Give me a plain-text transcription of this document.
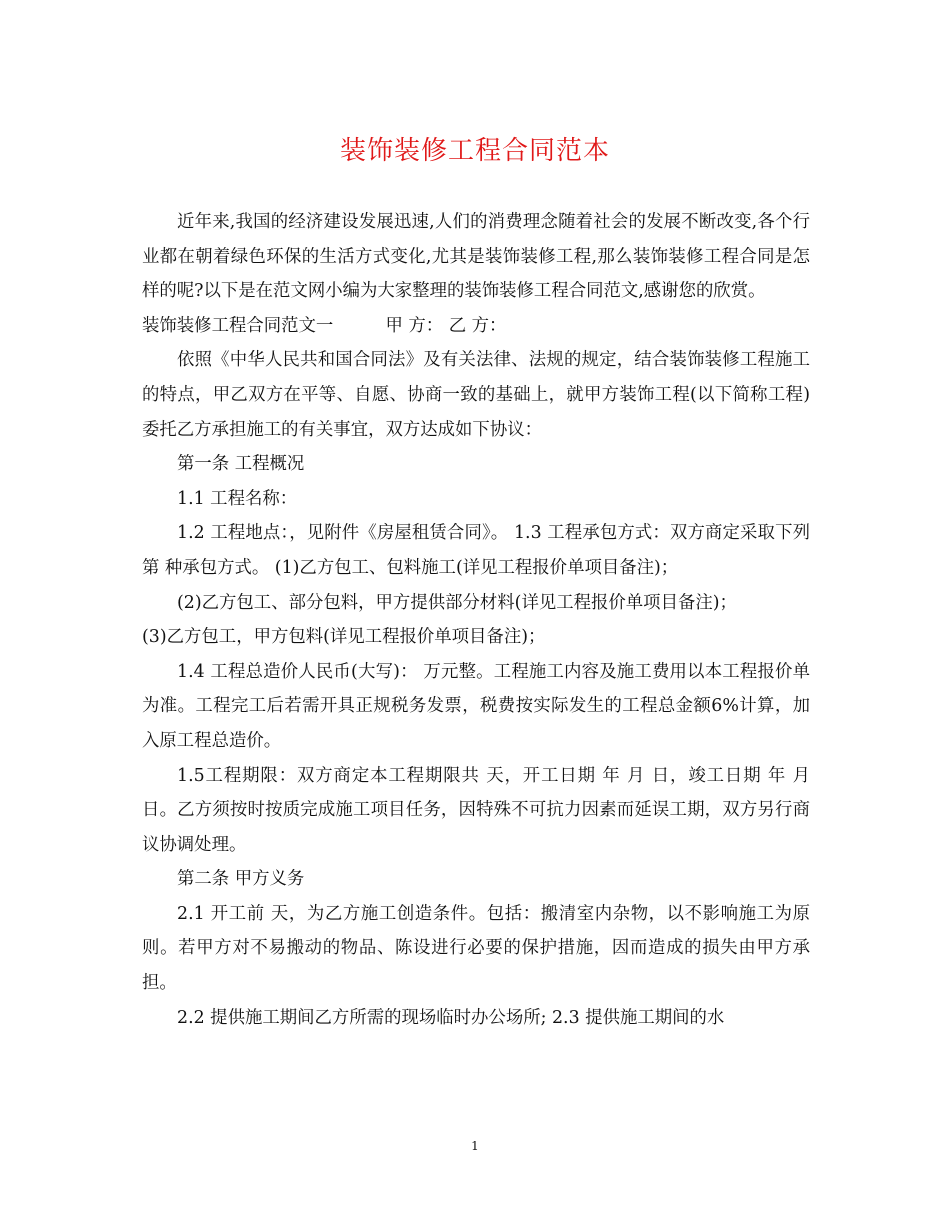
装饰装修工程合同范本

近年来,我国的经济建设发展迅速,人们的消费理念随着社会的发展不断改变,各个行业都在朝着绿色环保的生活方式变化,尤其是装饰装修工程,那么装饰装修工程合同是怎样的呢?以下是在范文网小编为大家整理的装饰装修工程合同范文,感谢您的欣赏。

装饰装修工程合同范文一　　　甲 方： 乙 方：

依照《中华人民共和国合同法》及有关法律、法规的规定，结合装饰装修工程施工的特点，甲乙双方在平等、自愿、协商一致的基础上，就甲方装饰工程(以下简称工程)委托乙方承担施工的有关事宜，双方达成如下协议：

第一条 工程概况

1.1 工程名称：

1.2 工程地点：，见附件《房屋租赁合同》。 1.3 工程承包方式：双方商定采取下列第 种承包方式。 (1)乙方包工、包料施工(详见工程报价单项目备注)；

(2)乙方包工、部分包料，甲方提供部分材料(详见工程报价单项目备注)；

(3)乙方包工，甲方包料(详见工程报价单项目备注)；

1.4 工程总造价人民币(大写)： 万元整。工程施工内容及施工费用以本工程报价单为准。工程完工后若需开具正规税务发票，税费按实际发生的工程总金额6%计算，加入原工程总造价。

1.5工程期限：双方商定本工程期限共 天，开工日期 年 月 日，竣工日期 年 月 日。乙方须按时按质完成施工项目任务，因特殊不可抗力因素而延误工期，双方另行商议协调处理。

第二条 甲方义务

2.1 开工前 天，为乙方施工创造条件。包括：搬清室内杂物，以不影响施工为原则。若甲方对不易搬动的物品、陈设进行必要的保护措施，因而造成的损失由甲方承担。

2.2 提供施工期间乙方所需的现场临时办公场所; 2.3 提供施工期间的水

1
